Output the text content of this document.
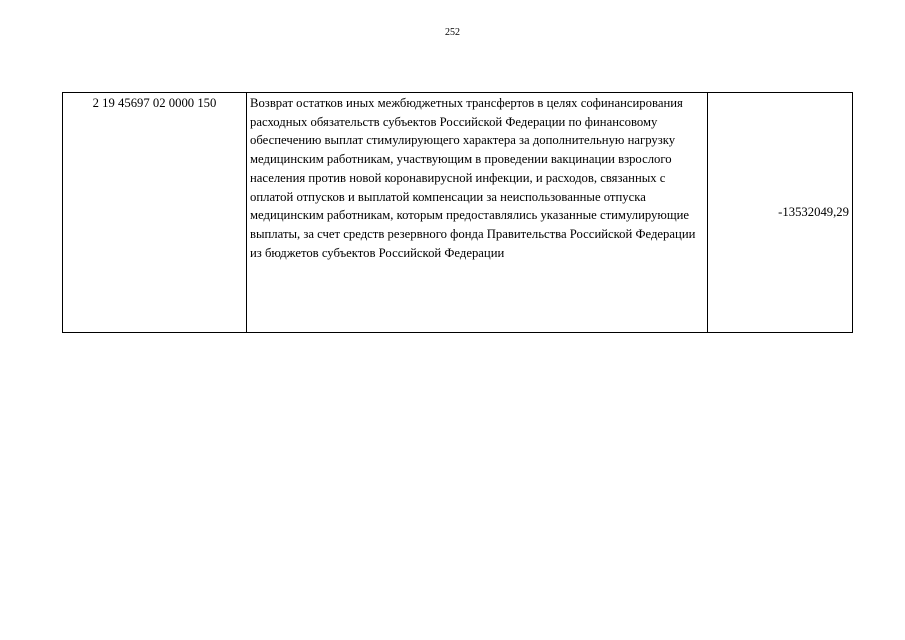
252
2 19 45697 02 0000 150	Возврат остатков иных межбюджетных трансфертов в целях софинансирования расходных обязательств субъектов Российской Федерации по финансовому обеспечению выплат стимулирующего характера за дополнительную нагрузку медицинским работникам, участвующим в проведении вакцинации взрослого населения против новой коронавирусной инфекции, и расходов, связанных с оплатой отпусков и выплатой компенсации за неиспользованные отпуска медицинским работникам, которым предоставлялись указанные стимулирующие выплаты, за счет средств резервного фонда Правительства Российской Федерации из бюджетов субъектов Российской Федерации	-13532049,29
